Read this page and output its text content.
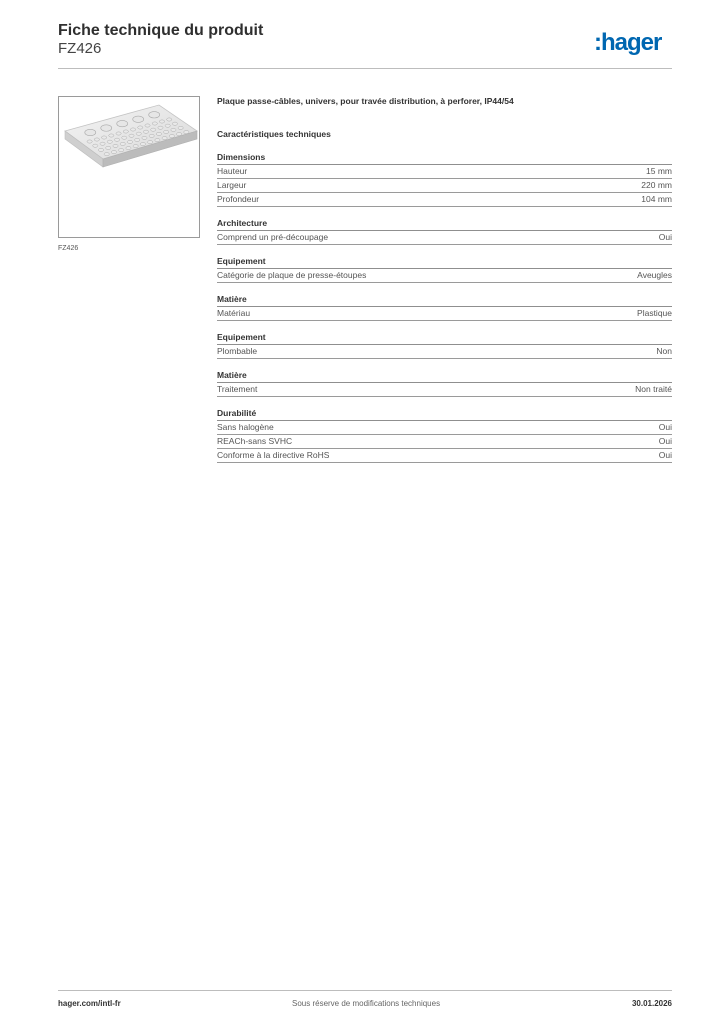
Fiche technique du produit
FZ426	:hager
FZ426
Plaque passe-câbles, univers, pour travée distribution, à perforer, IP44/54
Caractéristiques techniques
Dimensions
Hauteur	15 mm
Largeur	220 mm
Profondeur	104 mm
Architecture
Comprend un pré-découpage	Oui
Equipement
Catégorie de plaque de presse-étoupes	Aveugles
Matière
Matériau	Plastique
Equipement
Plombable	Non
Matière
Traitement	Non traité
Durabilité
Sans halogène	Oui
REACh-sans SVHC	Oui
Conforme à la directive RoHS	Oui
hager.com/intl-fr	Sous réserve de modifications techniques	30.01.2026
